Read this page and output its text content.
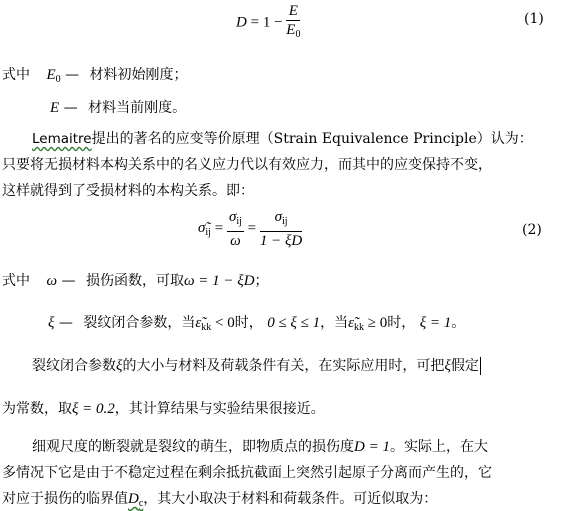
$D = 1 - \frac{E}{E_0}$	(1)
式中 $E_0$ — 材料初始刚度；
E — 材料当前刚度。
Lemaitre提出的著名的应变等价原理（Strain Equivalence Principle）认为：
只要将无损材料本构关系中的名义应力代以有效应力，而其中的应变保持不变，
这样就得到了受损材料的本构关系。即：
$\sigmã_{ij} = \frac{\sigma_{ij}}{\omega} = \frac{\sigma_{ij}}{1 - \xi D}$	(2)
式中 ω — 损伤函数，可取ω = 1 − ξD；
ξ — 裂纹闭合参数，当$\varepsiloñ_{kk} < 0$时， 0 ≤ ξ ≤ 1，当$\varepsiloñ_{kk} \ge 0$时， ξ = 1。
裂纹闭合参数ξ的大小与材料及荷载条件有关，在实际应用时，可把ξ假定
为常数，取ξ = 0.2，其计算结果与实验结果很接近。
细观尺度的断裂就是裂纹的萌生，即物质点的损伤度D = 1。实际上，在大
多情况下它是由于不稳定过程在剩余抵抗截面上突然引起原子分离而产生的，它
对应于损伤的临界值$D_c$，其大小取决于材料和荷载条件。可近似取为：
